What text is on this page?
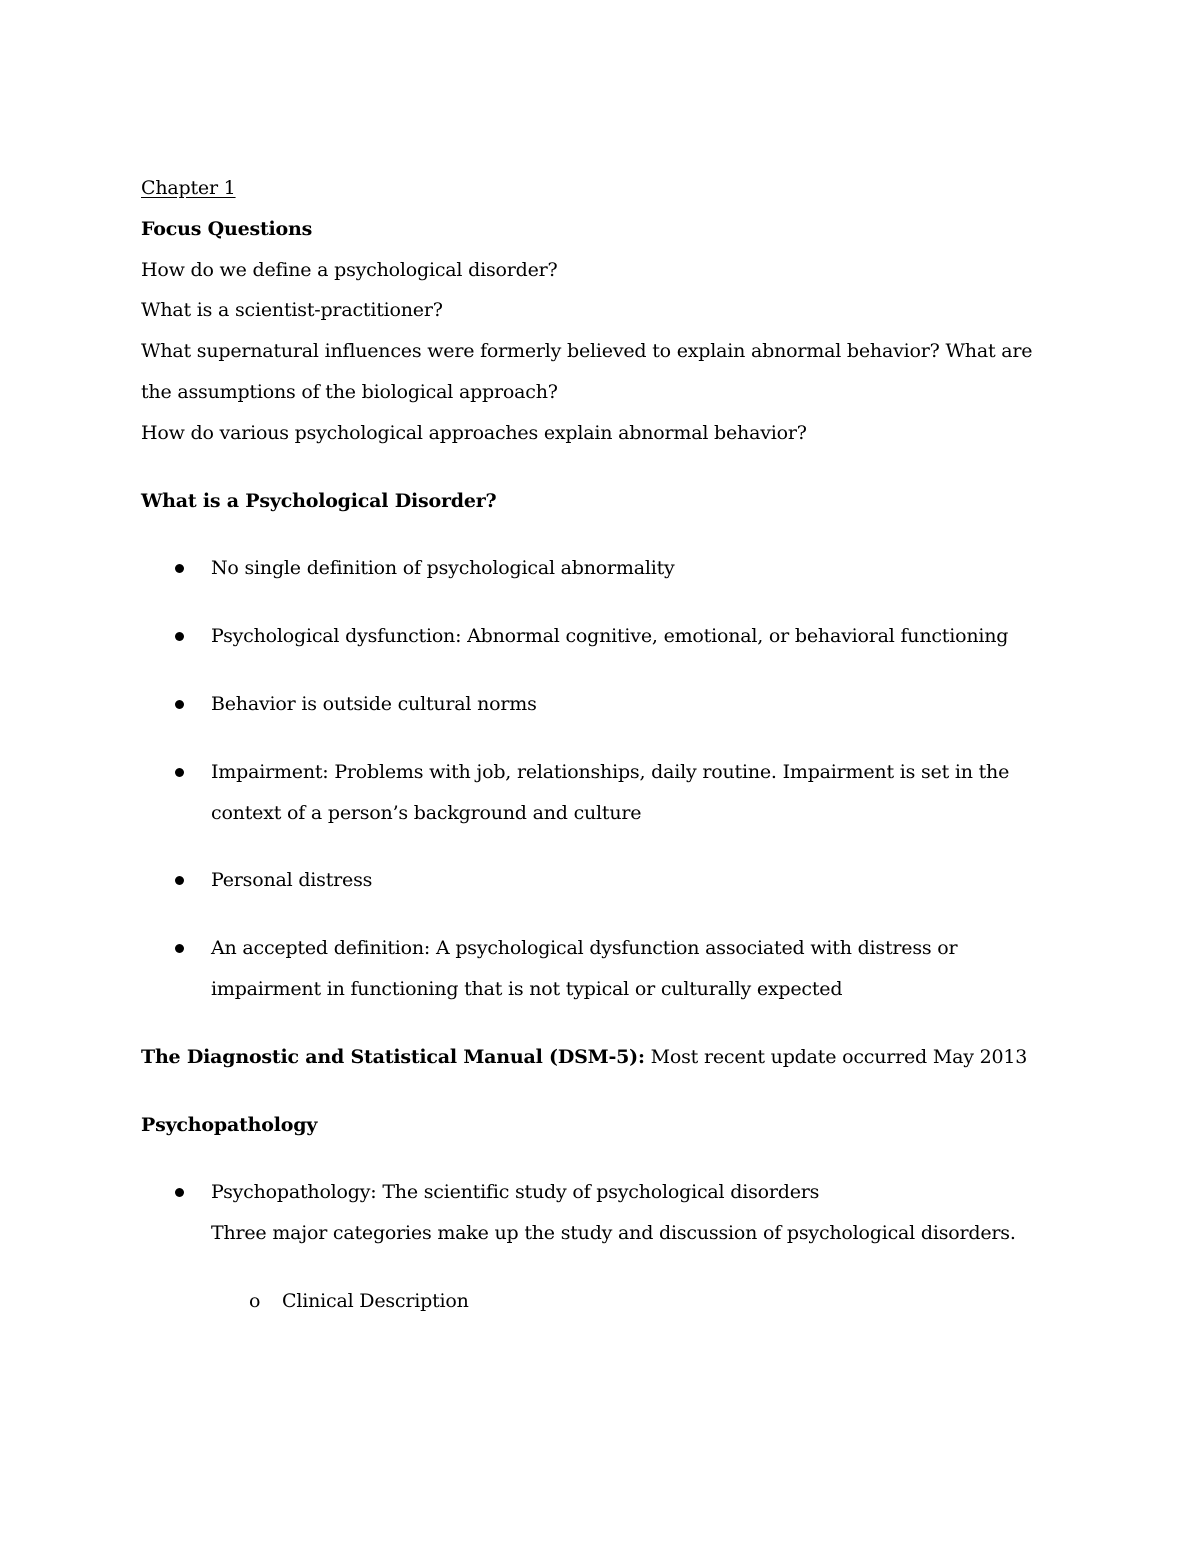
Chapter 1

Focus Questions

How do we define a psychological disorder?

What is a scientist-practitioner?

What supernatural influences were formerly believed to explain abnormal behavior? What are

the assumptions of the biological approach?

How do various psychological approaches explain abnormal behavior?

What is a Psychological Disorder?

No single definition of psychological abnormality
Psychological dysfunction: Abnormal cognitive, emotional, or behavioral functioning
Behavior is outside cultural norms
Impairment: Problems with job, relationships, daily routine. Impairment is set in the context of a person’s background and culture
Personal distress
An accepted definition: A psychological dysfunction associated with distress or impairment in functioning that is not typical or culturally expected

The Diagnostic and Statistical Manual (DSM-5): Most recent update occurred May 2013

Psychopathology

Psychopathology: The scientific study of psychological disorders
Three major categories make up the study and discussion of psychological disorders.
o Clinical Description
